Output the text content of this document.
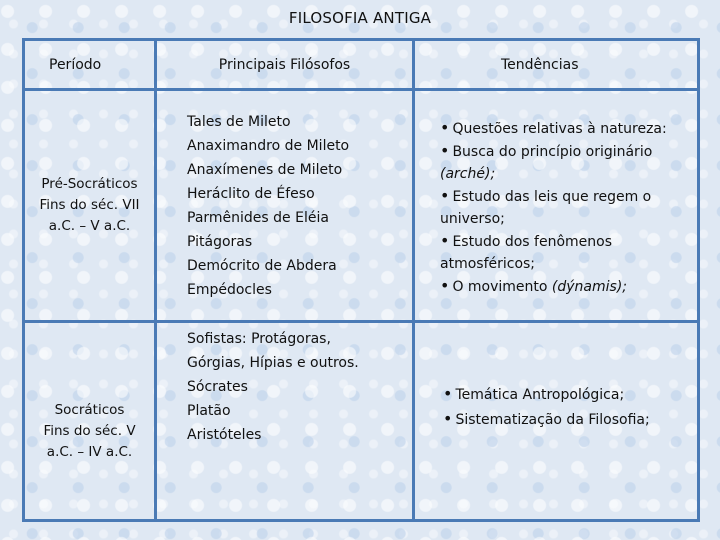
FILOSOFIA ANTIGA
Período	Principais Filósofos	Tendências
Pré-Socráticos
Fins do séc. VII
a.C. – V a.C.
Tales de Mileto
Anaximandro de Mileto
Anaxímenes de Mileto
Heráclito de Éfeso
Parmênides de Eléia
Pitágoras
Demócrito de Abdera
Empédocles
• Questões relativas à natureza:
• Busca do princípio originário
(arché);
• Estudo das leis que regem o
universo;
• Estudo dos fenômenos
atmosféricos;
• O movimento (dýnamis);
Socráticos
Fins do séc. V
a.C. – IV a.C.
Sofistas: Protágoras,
Górgias, Hípias e outros.
Sócrates
Platão
Aristóteles
• Temática Antropológica;
• Sistematização da Filosofia;
